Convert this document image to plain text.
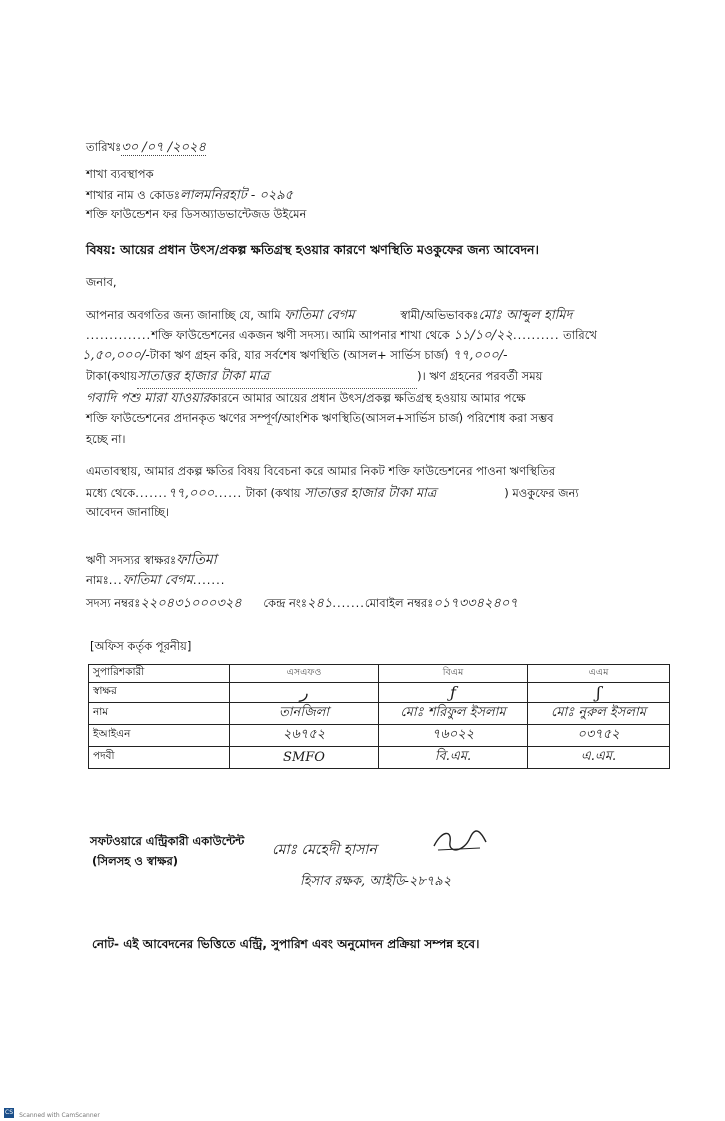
তারিখঃ৩০ /০৭ /২০২৪
শাখা ব্যবস্থাপক
শাখার নাম ও কোডঃলালমনিরহাট - ০২৯৫
শক্তি ফাউন্ডেশন ফর ডিসঅ্যাডভান্টেজড উইমেন
বিষয়: আয়ের প্রধান উৎস/প্রকল্প ক্ষতিগ্রস্থ হওয়ার কারণে ঋণস্থিতি মওকুফের জন্য আবেদন।
জনাব,
আপনার অবগতির জন্য জানাচ্ছি যে, আমি ফাতিমা বেগম	স্বামী/অভিভাবকঃমোঃ আব্দুল হামিদ
..............শক্তি ফাউন্ডেশনের একজন ঋণী সদস্য। আমি আপনার শাখা থেকে ১১/১০/২২.......... তারিখে
১,৫০,০০০/-টাকা ঋণ গ্রহন করি, যার সর্বশেষ ঋণস্থিতি (আসল+ সার্ভিস চার্জ) ৭৭,০০০/-
টাকা(কথায়সাতাত্তর হাজার টাকা মাত্র	)। ঋণ গ্রহনের পরবর্তী সময়
গবাদি পশু মারা যাওয়ারকারনে আমার আয়ের প্রধান উৎস/প্রকল্প ক্ষতিগ্রস্থ হওয়ায় আমার পক্ষে
শক্তি ফাউন্ডেশনের প্রদানকৃত ঋণের সম্পূর্ণ/আংশিক ঋণস্থিতি(আসল+সার্ভিস চার্জ) পরিশোধ করা সম্ভব
হচ্ছে না।
এমতাবস্থায়, আমার প্রকল্প ক্ষতির বিষয় বিবেচনা করে আমার নিকট শক্তি ফাউন্ডেশনের পাওনা ঋণস্থিতির
মধ্যে থেকে.......৭৭,০০০...... টাকা (কথায় সাতাত্তর হাজার টাকা মাত্র	) মওকুফের জন্য
আবেদন জানাচ্ছি।
ঋণী সদস্যর স্বাক্ষরঃফাতিমা
নামঃ...ফাতিমা বেগম.......
সদস্য নম্বরঃ২২০৪৩১০০০৩২৪ কেন্দ্র নংঃ২৪১.......মোবাইল নম্বরঃ০১৭৩৩৪২৪০৭
[অফিস কর্তৃক পূরনীয়]
সুপারিশকারী	এসএফও	বিএম	এএম
স্বাক্ষর	ﺭ	ƒ	ʃ
নাম	তানজিলা	মোঃ শরিফুল ইসলাম	মোঃ নুরুল ইসলাম
ইআইএন	২৬৭৫২	৭৬০২২	০৩৭৫২
পদবী	SMFO	বি.এম.	এ.এম.
সফটওয়ারে এন্ট্রিকারী একাউন্টেন্ট
(সিলসহ ও স্বাক্ষর)
মোঃ মেহেদী হাসান
হিসাব রক্ষক, আইডি-২৮৭৯২
নোট- এই আবেদনের ভিত্তিতে এন্ট্রি, সুপারিশ এবং অনুমোদন প্রক্রিয়া সম্পন্ন হবে।
CS Scanned with CamScanner
